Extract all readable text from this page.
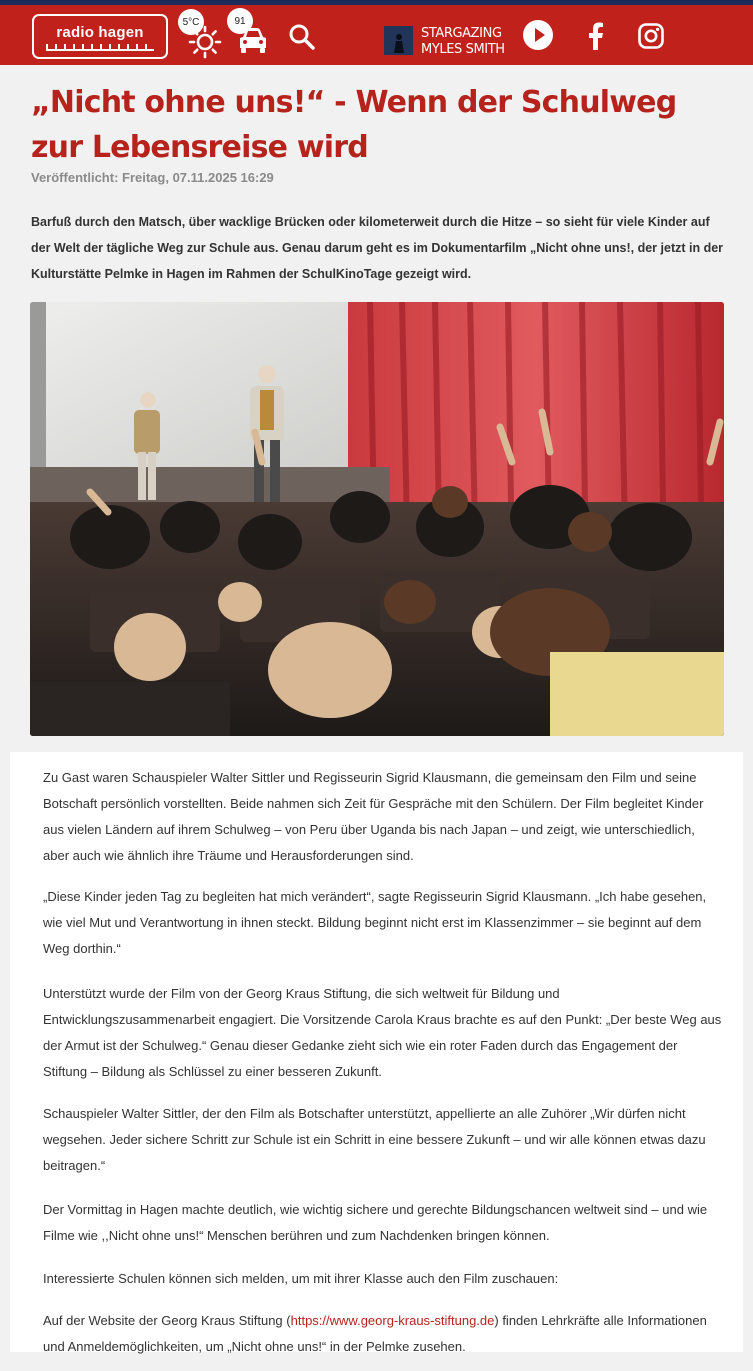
radio hagen
5°C	91
STARGAZING
MYLES SMITH
„Nicht ohne uns!“ - Wenn der Schulweg zur Lebensreise wird
Veröffentlicht: Freitag, 07.11.2025 16:29

Barfuß durch den Matsch, über wacklige Brücken oder kilometerweit durch die Hitze – so sieht für viele Kinder auf der Welt der tägliche Weg zur Schule aus. Genau darum geht es im Dokumentarfilm „Nicht ohne uns!, der jetzt in der Kulturstätte Pelmke in Hagen im Rahmen der SchulKinoTage gezeigt wird.

Zu Gast waren Schauspieler Walter Sittler und Regisseurin Sigrid Klausmann, die gemeinsam den Film und seine Botschaft persönlich vorstellten. Beide nahmen sich Zeit für Gespräche mit den Schülern. Der Film begleitet Kinder aus vielen Ländern auf ihrem Schulweg – von Peru über Uganda bis nach Japan – und zeigt, wie unterschiedlich, aber auch wie ähnlich ihre Träume und Herausforderungen sind.

„Diese Kinder jeden Tag zu begleiten hat mich verändert“, sagte Regisseurin Sigrid Klausmann. „Ich habe gesehen, wie viel Mut und Verantwortung in ihnen steckt. Bildung beginnt nicht erst im Klassenzimmer – sie beginnt auf dem Weg dorthin.“

Unterstützt wurde der Film von der Georg Kraus Stiftung, die sich weltweit für Bildung und Entwicklungszusammenarbeit engagiert. Die Vorsitzende Carola Kraus brachte es auf den Punkt: „Der beste Weg aus der Armut ist der Schulweg.“ Genau dieser Gedanke zieht sich wie ein roter Faden durch das Engagement der Stiftung – Bildung als Schlüssel zu einer besseren Zukunft.

Schauspieler Walter Sittler, der den Film als Botschafter unterstützt, appellierte an alle Zuhörer „Wir dürfen nicht wegsehen. Jeder sichere Schritt zur Schule ist ein Schritt in eine bessere Zukunft – und wir alle können etwas dazu beitragen.“

Der Vormittag in Hagen machte deutlich, wie wichtig sichere und gerechte Bildungschancen weltweit sind – und wie Filme wie ,,Nicht ohne uns!“ Menschen berühren und zum Nachdenken bringen können.

Interessierte Schulen können sich melden, um mit ihrer Klasse auch den Film zuschauen:

Auf der Website der Georg Kraus Stiftung (https://www.georg-kraus-stiftung.de) finden Lehrkräfte alle Informationen und Anmeldemöglichkeiten, um „Nicht ohne uns!“ in der Pelmke zusehen.
